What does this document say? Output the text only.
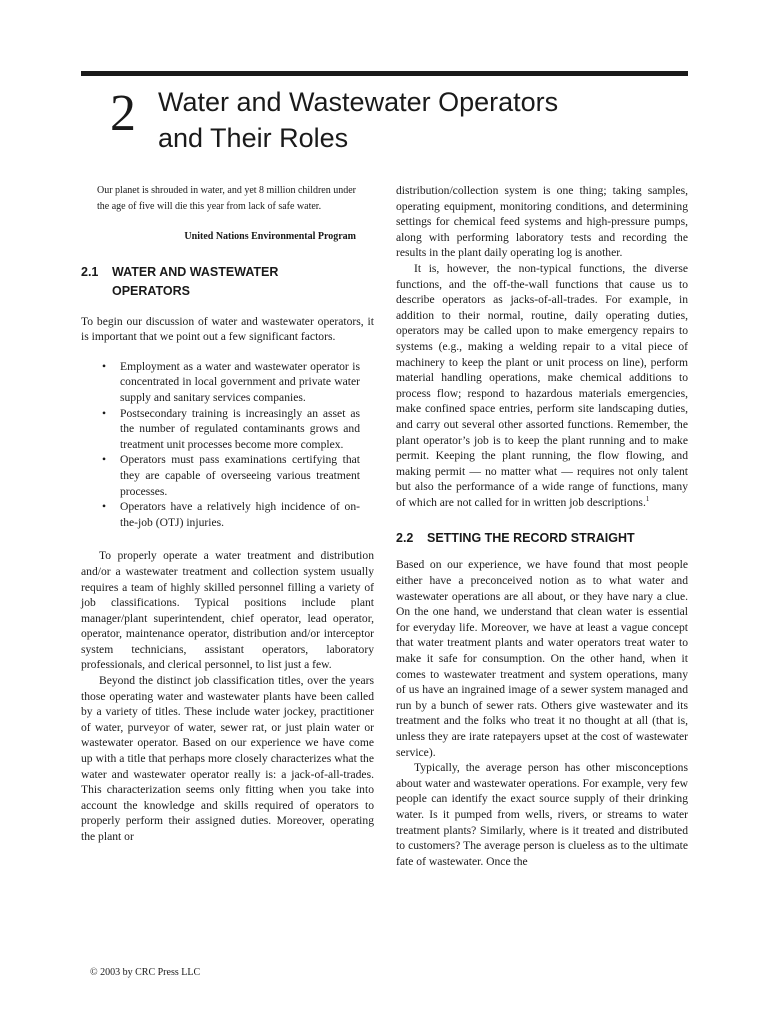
2 Water and Wastewater Operators
and Their Roles

Our planet is shrouded in water, and yet 8 million children under the age of five will die this year from lack of safe water.

United Nations Environmental Program

2.1 WATER AND WASTEWATER
OPERATORS

To begin our discussion of water and wastewater operators, it is important that we point out a few significant factors.

• Employment as a water and wastewater operator is concentrated in local government and private water supply and sanitary services companies.
• Postsecondary training is increasingly an asset as the number of regulated contaminants grows and treatment unit processes become more complex.
• Operators must pass examinations certifying that they are capable of overseeing various treatment processes.
• Operators have a relatively high incidence of on-the-job (OTJ) injuries.

To properly operate a water treatment and distribution and/or a wastewater treatment and collection system usually requires a team of highly skilled personnel filling a variety of job classifications. Typical positions include plant manager/plant superintendent, chief operator, lead operator, operator, maintenance operator, distribution and/or interceptor system technicians, assistant operators, laboratory professionals, and clerical personnel, to list just a few.

Beyond the distinct job classification titles, over the years those operating water and wastewater plants have been called by a variety of titles. These include water jockey, practitioner of water, purveyor of water, sewer rat, or just plain water or wastewater operator. Based on our experience we have come up with a title that perhaps more closely characterizes what the water and wastewater operator really is: a jack-of-all-trades. This characterization seems only fitting when you take into account the knowledge and skills required of operators to properly perform their assigned duties. Moreover, operating the plant or

distribution/collection system is one thing; taking samples, operating equipment, monitoring conditions, and determining settings for chemical feed systems and high-pressure pumps, along with performing laboratory tests and recording the results in the plant daily operating log is another.

It is, however, the non-typical functions, the diverse functions, and the off-the-wall functions that cause us to describe operators as jacks-of-all-trades. For example, in addition to their normal, routine, daily operating duties, operators may be called upon to make emergency repairs to systems (e.g., making a welding repair to a vital piece of machinery to keep the plant or unit process on line), perform material handling operations, make chemical additions to process flow; respond to hazardous materials emergencies, make confined space entries, perform site landscaping duties, and carry out several other assorted functions. Remember, the plant operator’s job is to keep the plant running and to make permit. Keeping the plant running, the flow flowing, and making permit — no matter what — requires not only talent but also the performance of a wide range of functions, many of which are not called for in written job descriptions.$^1$

2.2 SETTING THE RECORD STRAIGHT

Based on our experience, we have found that most people either have a preconceived notion as to what water and wastewater operations are all about, or they have nary a clue. On the one hand, we understand that clean water is essential for everyday life. Moreover, we have at least a vague concept that water treatment plants and water operators treat water to make it safe for consumption. On the other hand, when it comes to wastewater treatment and system operations, many of us have an ingrained image of a sewer system managed and run by a bunch of sewer rats. Others give wastewater and its treatment and the folks who treat it no thought at all (that is, unless they are irate ratepayers upset at the cost of wastewater service).

Typically, the average person has other misconceptions about water and wastewater operations. For example, very few people can identify the exact source supply of their drinking water. Is it pumped from wells, rivers, or streams to water treatment plants? Similarly, where is it treated and distributed to customers? The average person is clueless as to the ultimate fate of wastewater. Once the

© 2003 by CRC Press LLC
